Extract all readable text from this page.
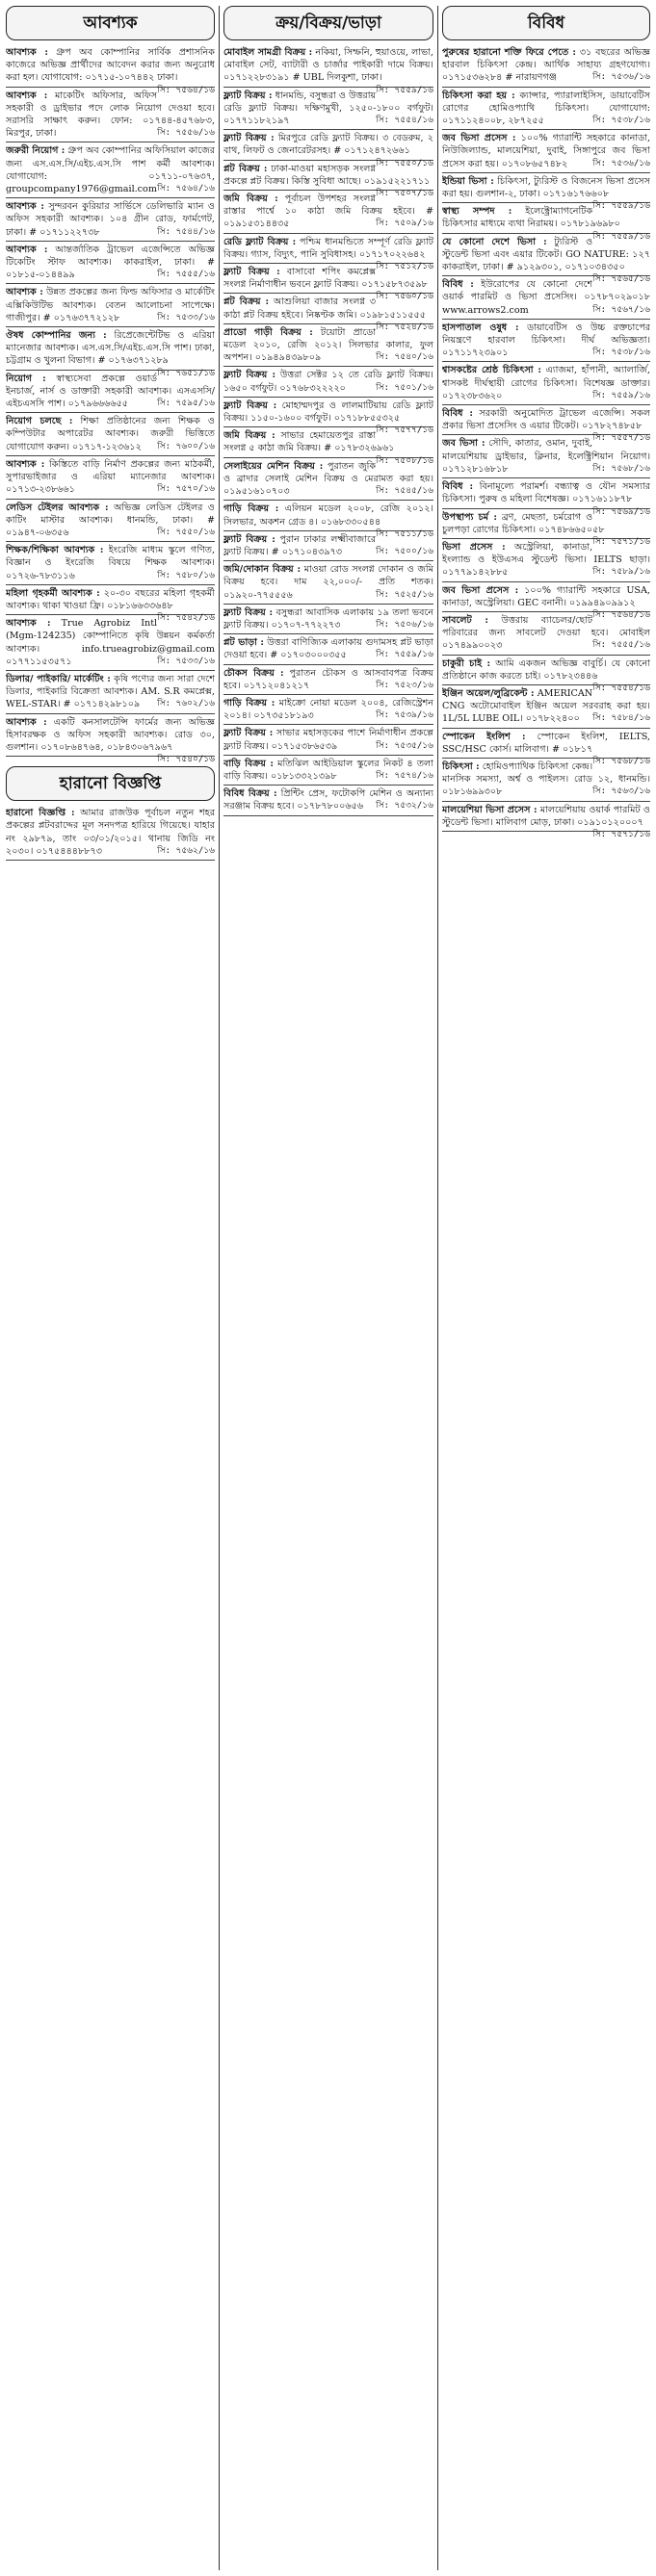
আবশ্যক
আবশ্যক : গ্রুপ অব কোম্পানির সার্বিক প্রশাসনিক কাজেরে অভিজ্ঞ প্রার্থীদের আবেদন করার জন্য অনুরোধ করা হল। যোগাযোগ: ০১৭১৫-১০৭৪৪২ ঢাকা।
সি: ৭৫৬৪/১৬
আবশ্যক : মাকেটিং অফিসার, অফিস সহকারী ও ড্রাইভার পদে লোক নিয়োগ দেওয়া হবে। সরাসরি সাক্ষাৎ করুন। ফোন: ০১৭৪৪-৪৫৭৬৮৩, মিরপুর, ঢাকা।	সি: ৭৫৫৬/১৬
জরুরী নিয়োগ : গ্রুপ অব কোম্পানির অফিসিয়াল কাজের জন্য এস.এস.সি/এইচ.এস.সি পাশ কর্মী আবশ্যক। যোগাযোগ: ০১৭১১-০৭৬৩৭, groupcompany1976@gmail.com সি: ৭৫৬৪/১৬
আবশ্যক : সুন্দরবন কুরিয়ার সার্ভিসে ডেলিভারি ম্যান ও অফিস সহকারী আবশ্যক। ১০৪ গ্রীন রোড, ফার্মগেট, ঢাকা। # ০১৭১১২২৭৩৮	সি: ৭৫৪৪/১৬
আবশ্যক : আন্তর্জাতিক ট্রাভেল এজেন্সিতে অভিজ্ঞ টিকেটিং স্টাফ আবশ্যক। কাকরাইল, ঢাকা। # ০১৮১৫-০১৪৪৯৯	সি: ৭৫৫৫/১৬
আবশ্যক : উন্নত প্রকল্পের জন্য ফিল্ড অফিসার ও মার্কেটিং এক্সিকিউটিভ আবশ্যক। বেতন আলোচনা সাপেক্ষে। গাজীপুর। # ০১৭৬৩৭৭২১২৮	সি: ৭৫৩৩/১৬
ঔষধ কোম্পানির জন্য : রিপ্রেজেন্টেটিভ ও এরিয়া ম্যানেজার আবশ্যক। এস.এস.সি/এইচ.এস.সি পাশ। ঢাকা, চট্টগ্রাম ও খুলনা বিভাগ। # ০১৭৬৩৭১২৮৯
সি: ৭৬৫১/১৬
নিয়োগ : স্বাস্থ্যসেবা প্রকল্পে ওয়ার্ড ইনচার্জ, নার্স ও ডাক্তারী সহকারী আবশ্যক। এসএসসি/এইচএসসি পাশ। ০১৭৯৬৬৬৬৫৫	সি: ৭৫৯৫/১৬
নিয়োগ চলছে : শিক্ষা প্রতিষ্ঠানের জন্য শিক্ষক ও কম্পিউটার অপারেটর আবশ্যক। জরুরী ভিত্তিতে যোগাযোগ করুন। ০১৭১৭-১২৩৬১২ সি: ৭৬০০/১৬
আবশ্যক : কিস্তিতে বাড়ি নির্মাণ প্রকল্পের জন্য মাঠকর্মী, সুপারভাইজার ও এরিয়া ম্যানেজার আবশ্যক। ০১৭১৩-২৩৮৬৬১	সি: ৭৫৭০/১৬
লেডিস টেইলর আবশ্যক : অভিজ্ঞ লেডিস টেইলর ও কাটিং মাস্টার আবশ্যক। ধানমন্ডি, ঢাকা। # ০১৯৪৭-০৬৩৫৬	সি: ৭৫৫০/১৬
শিক্ষক/শিক্ষিকা আবশ্যক : ইংরেজি মাধ্যম স্কুলে গণিত, বিজ্ঞান ও ইংরেজি বিষয়ে শিক্ষক আবশ্যক। ০১৭২৬-৭৮৩১১৬	সি: ৭৫৮০/১৬
মহিলা গৃহকর্মী আবশ্যক : ২০-৩০ বছরের মহিলা গৃহকর্মী আবশ্যক। থাকা খাওয়া ফ্রি। ০১৮১৬৬৩৩৬৪৮
সি: ৭৫৪২/১৬
আবশ্যক : True Agrobiz Intl (Mgm-124235) কোম্পানিতে কৃষি উন্নয়ন কর্মকর্তা আবশ্যক। info.trueagrobiz@gmail.com ০১৭৭১১৫৩৫৭১	সি: ৭৫৩৩/১৬
ডিলার/ পাইকারি/ মার্কেটিং : কৃষি পণ্যের জন্য সারা দেশে ডিলার, পাইকারি বিক্রেতা আবশ্যক। AM. S.R কমপ্লেক্স, WEL-STAR। # ০১৭১৪২৯৮১০৯ সি: ৭৬০২/১৬
আবশ্যক : একটি কনসালটেন্সি ফার্মের জন্য অভিজ্ঞ হিসাবরক্ষক ও অফিস সহকারী আবশ্যক। রোড ৩০, গুলশান। ০১৭০৮৬৪৭৬৪, ০১৮৪৩০৬৭৯৬৭
সি: ৭৫৪০/১৬
হারানো বিজ্ঞপ্তি
হারানো বিজ্ঞপ্তি : আমার রাজউক পূর্বাচল নতুন শহর প্রকল্পের প্লটবরাদ্দের মূল সনদপত্র হারিয়ে গিয়েছে। যাহার নং ২৯৮৭৯, তাং ০৩/০১/২০১৫। থানায় জিডি নং ২০৩০। ০১৭৫৪৪৪৮৮৭৩	সি: ৭৫৬২/১৬
ক্রয়/বিক্রয়/ভাড়া
মোবাইল সামগ্রী বিক্রয় : নকিয়া, সিম্ফনি, হুয়াওয়ে, লাভা, মোবাইল সেট, ব্যাটারী ও চার্জার পাইকারী দামে বিক্রয়। ০১৭১২২৮৩১৯১ # UBL দিলকুশা, ঢাকা।
সি: ৭৫৫৯/১৬
ফ্ল্যাট বিক্রয় : ধানমন্ডি, বসুন্ধরা ও উত্তরায় রেডি ফ্ল্যাট বিক্রয়। দক্ষিণমুখী, ১২৫০-১৮০০ বর্গফুট। ০১৭৭১১৮২১৯৭	সি: ৭৫৫৪/১৬
ফ্ল্যাট বিক্রয় : মিরপুরে রেডি ফ্ল্যাট বিক্রয়। ৩ বেডরুম, ২ বাথ, লিফট ও জেনারেটরসহ। # ০১৭১২৪৭২৬৬১
সি: ৭৫৫০/১৬
প্লট বিক্রয় : ঢাকা-মাওয়া মহাসড়ক সংলগ্ন প্রকল্পে প্লট বিক্রয়। কিস্তি সুবিধা আছে। ০১৯১৫২২১৭১১
সি: ৭৫০৭/১৬
জমি বিক্রয় : পূর্বাচল উপশহর সংলগ্ন রাস্তার পার্শ্বে ১০ কাঠা জমি বিক্রয় হইবে। # ০১৯১৫৩১৪৪৩৫	সি: ৭৫০৯/১৬
রেডি ফ্ল্যাট বিক্রয় : পশ্চিম ধানমন্ডিতে সম্পূর্ণ রেডি ফ্ল্যাট বিক্রয়। গ্যাস, বিদ্যুৎ, পানি সুবিধাসহ। ০১৭১৭০২২৬৪২
সি: ৭৫১২/১৬
ফ্ল্যাট বিক্রয় : বাসাবো শপিং কমপ্লেক্স সংলগ্ন নির্মাণাধীন ভবনে ফ্ল্যাট বিক্রয়। ০১৭১৫৮৭৩৫৯৮
সি: ৭৫৬০/১৬
প্লট বিক্রয় : আশুলিয়া বাজার সংলগ্ন ৩ কাঠা প্লট বিক্রয় হইবে। নিষ্কণ্টক জমি। ০১৯৮১৫১১৫৫৫
সি: ৭৫২৪/১৬
প্রাডো গাড়ী বিক্রয় : টয়োটা প্রাডো মডেল ২০১০, রেজি ২০১২। সিলভার কালার, ফুল অপশন। ০১৯৪৯৪৩৯৮০৯	সি: ৭৫৪০/১৬
ফ্ল্যাট বিক্রয় : উত্তরা সেক্টর ১২ তে রেডি ফ্ল্যাট বিক্রয়। ১৬৫০ বর্গফুট। ০১৭৬৮৩২২২২০	সি: ৭৫০১/১৬
ফ্ল্যাট বিক্রয় : মোহাম্মদপুর ও লালমাটিয়ায় রেডি ফ্ল্যাট বিক্রয়। ১১৫০-১৬০০ বর্গফুট। ০১৭১৮৮৫৫৩২৫
সি: ৭৫৭৭/১৬
জমি বিক্রয় : সাভার হেমায়েতপুর রাস্তা সংলগ্ন ৫ কাঠা জমি বিক্রয়। # ০১৭৮৩২৬৯৬১
সি: ৭৫০৮/১৬
সেলাইয়ের মেশিন বিক্রয় : পুরাতন জুকি ও ব্রাদার সেলাই মেশিন বিক্রয় ও মেরামত করা হয়। ০১৯৫১৬১০৭০৩	সি: ৭৫৪৫/১৬
গাড়ি বিক্রয় : এলিয়ন মডেল ২০০৮, রেজি ২০১২। সিলভার, অকশন গ্রেড ৪। ০১৬৮৩৩০৫৪৪
সি: ৭৫১১/১৬
ফ্ল্যাট বিক্রয় : পুরান ঢাকার লক্ষ্মীবাজারে ফ্ল্যাট বিক্রয়। # ০১৭১০৪৩৯৭৩	সি: ৭৫০০/১৬
জমি/দোকান বিক্রয় : মাওয়া রোড সংলগ্ন দোকান ও জমি বিক্রয় হবে। দাম ২২,০০০/- প্রতি শতক। ০১৯২০-৭৭৫৫৫৬	সি: ৭৫২৫/১৬
ফ্ল্যাট বিক্রয় : বসুন্ধরা আবাসিক এলাকায় ১৯ তলা ভবনে ফ্ল্যাট বিক্রয়। ০১৭০৭-৭৭২২৭৩	সি: ৭৫০৬/১৬
প্লট ভাড়া : উত্তরা বাণিজ্যিক এলাকায় গুদামসহ প্লট ভাড়া দেওয়া হবে। # ০১৭০৩০০০৩৫৫	সি: ৭৫৫৯/১৬
চৌকস বিক্রয় : পুরাতন চৌকস ও আসবাবপত্র বিক্রয় হবে। ০১৭১২০৪১২১৭	সি: ৭৫২৩/১৬
গাড়ি বিক্রয় : মাইক্রো নোয়া মডেল ২০০৪, রেজিস্ট্রেশন ২০১৪। ০১৭৩৫১৮১৯৩	সি: ৭৫৩৯/১৬
ফ্ল্যাট বিক্রয় : সাভার মহাসড়কের পাশে নির্মাণাধীন প্রকল্পে ফ্ল্যাট বিক্রয়। ০১৭১৫৩৮৬৫৩৯	সি: ৭৫৩৫/১৬
বাড়ি বিক্রয় : মতিঝিল আইডিয়াল স্কুলের নিকট ৪ তলা বাড়ি বিক্রয়। ০১৮১৩৩২১৩৯৮	সি: ৭৫৭৪/১৬
বিবিধ বিক্রয় : প্রিন্টিং প্রেস, ফটোকপি মেশিন ও অন্যান্য সরঞ্জাম বিক্রয় হবে। ০১৭৮৭৮০০৬৫৬ সি: ৭৫৩২/১৬
বিবিধ
পুরুষের হারানো শক্তি ফিরে পেতে : ৩১ বছরের অভিজ্ঞ হারবাল চিকিৎসা কেন্দ্র। আর্থিক সাহায্য গ্রহণযোগ্য। ০১৭১৫৩৬২৮৪ # নারায়ণগঞ্জ	সি: ৭৫৩৬/১৬
চিকিৎসা করা হয় : ক্যান্সার, প্যারালাইসিস, ডায়াবেটিস রোগের হোমিওপ্যাথি চিকিৎসা। যোগাযোগ: ০১৭১১২৪০০৮, ২৮৭২৫৫	সি: ৭৫৩৮/১৬
জব ভিসা প্রসেস : ১০০% গ্যারান্টি সহকারে কানাডা, নিউজিল্যান্ড, মালয়েশিয়া, দুবাই, সিঙ্গাপুরে জব ভিসা প্রসেস করা হয়। ০১৭০৮৬৫৭৪৮২	সি: ৭৫৩৬/১৬
ইন্ডিয়া ভিসা : চিকিৎসা, ট্যুরিস্ট ও বিজনেস ভিসা প্রসেস করা হয়। গুলশান-২, ঢাকা। ০১৭১৬১৭৬৬০৮
সি: ৭৫৫৯/১৬
স্বাস্থ্য সম্পদ : ইলেক্ট্রোম্যাগনেটিক চিকিৎসার মাধ্যমে ব্যথা নিরাময়। ০১৭৮১৯৬৯৮০
সি: ৭৫৫৯/১৬
যে কোনো দেশে ভিসা : ট্যুরিস্ট ও স্টুডেন্ট ভিসা এবং এয়ার টিকেট। GO NATURE: ১২৭ কাকরাইল, ঢাকা। # ৯১২৯৩০১, ০১৭১০৩৪৩৫০
সি: ৭৫৬৫/১৬
বিবিধ : ইউরোপের যে কোনো দেশে ওয়ার্ক পারমিট ও ভিসা প্রসেসিং। ০১৭৮৭০২৯০১৮ www.arrows2.com	সি: ৭৫৬৭/১৬
হাসপাতাল ওষুধ : ডায়াবেটিস ও উচ্চ রক্তচাপের নিয়ন্ত্রণে হারবাল চিকিৎসা। দীর্ঘ অভিজ্ঞতা। ০১৭১১৭২৩৯০১	সি: ৭৫৩৮/১৬
শ্বাসকষ্টের শ্রেষ্ঠ চিকিৎসা : এ্যাজমা, হাঁপানী, অ্যালার্জি, শ্বাসকষ্ট দীর্ঘস্থায়ী রোগের চিকিৎসা। বিশেষজ্ঞ ডাক্তার। ০১৭২৩৮৩৬২০	সি: ৭৫৫৯/১৬
বিবিধ : সরকারী অনুমোদিত ট্রাভেল এজেন্সি। সকল প্রকার ভিসা প্রসেসিং ও এয়ার টিকেট। ০১৭৮২৭৪৮৫৮
সি: ৭৫৫৭/১৬
জব ভিসা : সৌদি, কাতার, ওমান, দুবাই, মালয়েশিয়ায় ড্রাইভার, ক্লিনার, ইলেক্ট্রিশিয়ান নিয়োগ। ০১৭১২৮১৬৮১৮	সি: ৭৫৬৮/১৬
বিবিধ : বিনামূল্যে পরামর্শ। বন্ধ্যাত্ব ও যৌন সমস্যার চিকিৎসা। পুরুষ ও মহিলা বিশেষজ্ঞ। ০১৭১৬১১৮৭৮
সি: ৭৫৬৯/১৬
উপস্থাপ্য চর্ম : ব্রণ, মেছতা, চর্মরোগ ও চুলপড়া রোগের চিকিৎসা। ০১৭৪৮৬৬৫০৫৮
সি: ৭৫৭১/১৬
ভিসা প্রসেস : অস্ট্রেলিয়া, কানাডা, ইংল্যান্ড ও ইউএসএ স্টুডেন্ট ভিসা। IELTS ছাড়া। ০১৭৭৯১৪২৮৮৫	সি: ৭৫৮৯/১৬
জব ভিসা প্রসেস : ১০০% গ্যারান্টি সহকারে USA, কানাডা, অস্ট্রেলিয়া। GEC বনানী। ০১৯৯৪৯০৯৯১২
সি: ৭৫৬৪/১৬
সাবলেট : উত্তরায় ব্যাচেলর/ছোট পরিবারের জন্য সাবলেট দেওয়া হবে। মোবাইল ০১৭৪৯৯০০২৩	সি: ৭৫৫৫/১৬
চাকুরী চাই : আমি একজন অভিজ্ঞ বাবুর্চি। যে কোনো প্রতিষ্ঠানে কাজ করতে চাই। ০১৭৮২৩৪৪৬
সি: ৭৫৫৪/১৬
ইঞ্জিন অয়েল/লুব্রিকেন্ট : AMERICAN CNG অটোমোবাইল ইঞ্জিন অয়েল সরবরাহ করা হয়। 1L/5L LUBE OIL। ০১৭৮২২৪০০ সি: ৭৫৮৪/১৬
স্পোকেন ইংলিশ : স্পোকেন ইংলিশ, IELTS, SSC/HSC কোর্স। মালিবাগ। # ০১৮১৭
সি: ৭৫৬৮/১৬
চিকিৎসা : হোমিওপ্যাথিক চিকিৎসা কেন্দ্র। মানসিক সমস্যা, অর্শ্ব ও পাইলস। রোড ১২, ধানমন্ডি। ০১৮১৬৯৯৩০৮	সি: ৭৫৬৩/১৬
মালয়েশিয়া ভিসা প্রসেস : মালয়েশিয়ায় ওয়ার্ক পারমিট ও স্টুডেন্ট ভিসা। মালিবাগ মোড়, ঢাকা। ০১৯১০১২০০০৭
সি: ৭৫৭১/১৬
